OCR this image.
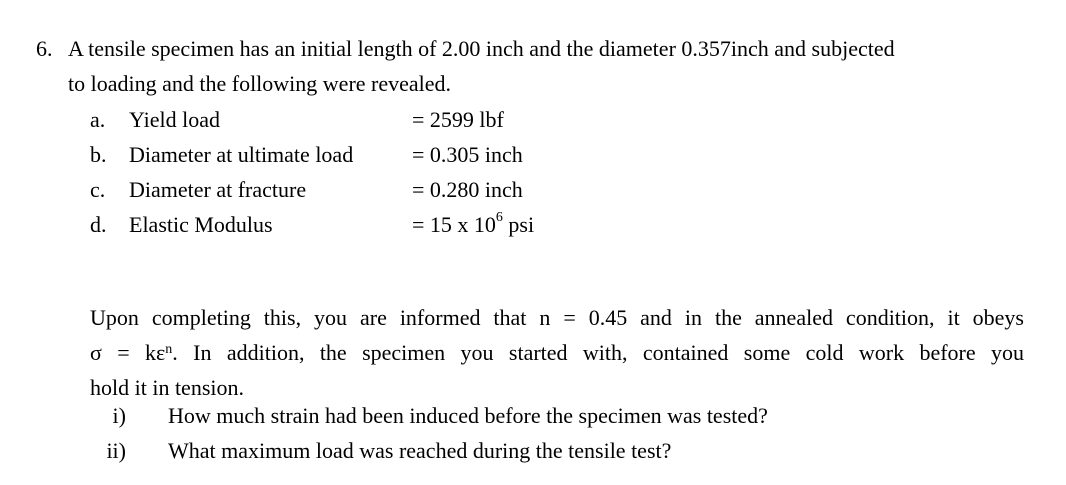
6. A tensile specimen has an initial length of 2.00 inch and the diameter 0.357inch and subjected
to loading and the following were revealed.
a. Yield load	= 2599 lbf
b. Diameter at ultimate load	= 0.305 inch
c. Diameter at fracture	= 0.280 inch
d. Elastic Modulus	= 15 x $10^6$ psi
Upon completing this, you are informed that n = 0.45 and in the annealed condition, it obeys
$\sigma = k\varepsilon^n$. In addition, the specimen you started with, contained some cold work before you
hold it in tension.
i) How much strain had been induced before the specimen was tested?
ii) What maximum load was reached during the tensile test?
